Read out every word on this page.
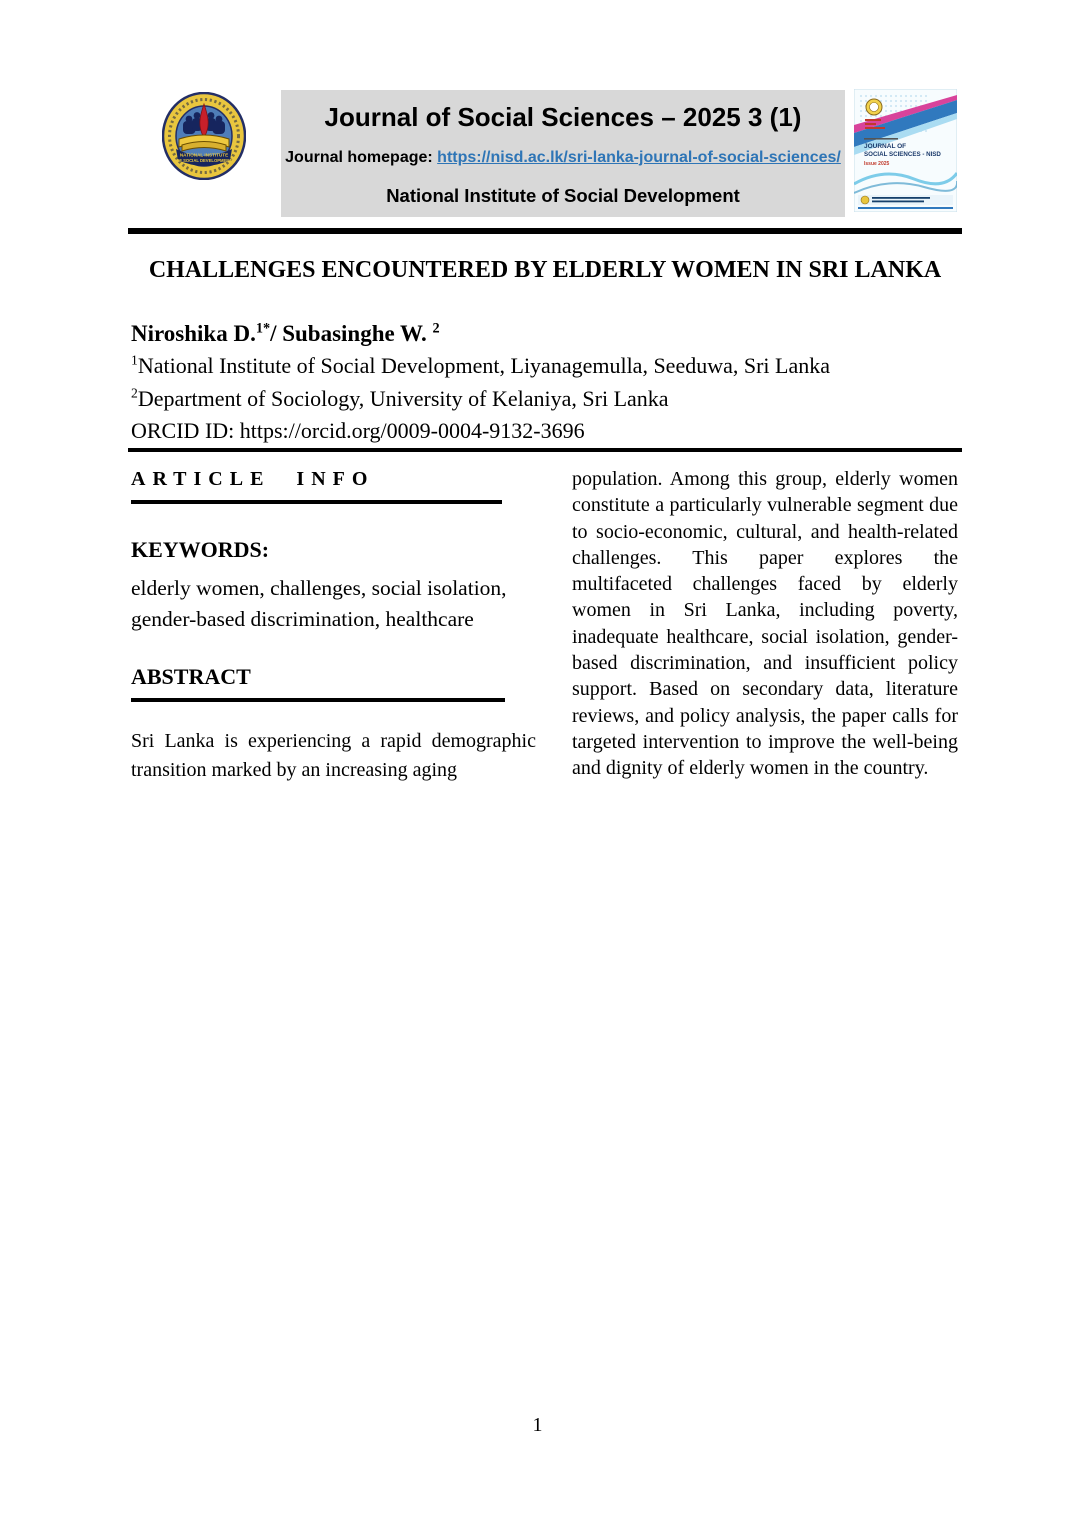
NATIONAL INSTITUTE
OF SOCIAL DEVELOPMENT
Journal of Social Sciences – 2025 3 (1)
Journal homepage: https://nisd.ac.lk/sri-lanka-journal-of-social-sciences/
National Institute of Social Development
JOURNAL OF
SOCIAL SCIENCES - NISD
Issue 2025
CHALLENGES ENCOUNTERED BY ELDERLY WOMEN IN SRI LANKA
Niroshika D.$^{1*}$/ Subasinghe W. $^2$
$^1$National Institute of Social Development, Liyanagemulla, Seeduwa, Sri Lanka
$^2$Department of Sociology, University of Kelaniya, Sri Lanka
ORCID ID: https://orcid.org/0009-0004-9132-3696
ARTICLE INFO
KEYWORDS:
elderly women, challenges, social isolation, gender-based discrimination, healthcare
ABSTRACT
Sri Lanka is experiencing a rapid demographic transition marked by an increasing aging
population. Among this group, elderly women constitute a particularly vulnerable segment due to socio-economic, cultural, and health-related challenges. This paper explores the multifaceted challenges faced by elderly women in Sri Lanka, including poverty, inadequate healthcare, social isolation, gender-based discrimination, and insufficient policy support. Based on secondary data, literature reviews, and policy analysis, the paper calls for targeted intervention to improve the well-being and dignity of elderly women in the country.
1
